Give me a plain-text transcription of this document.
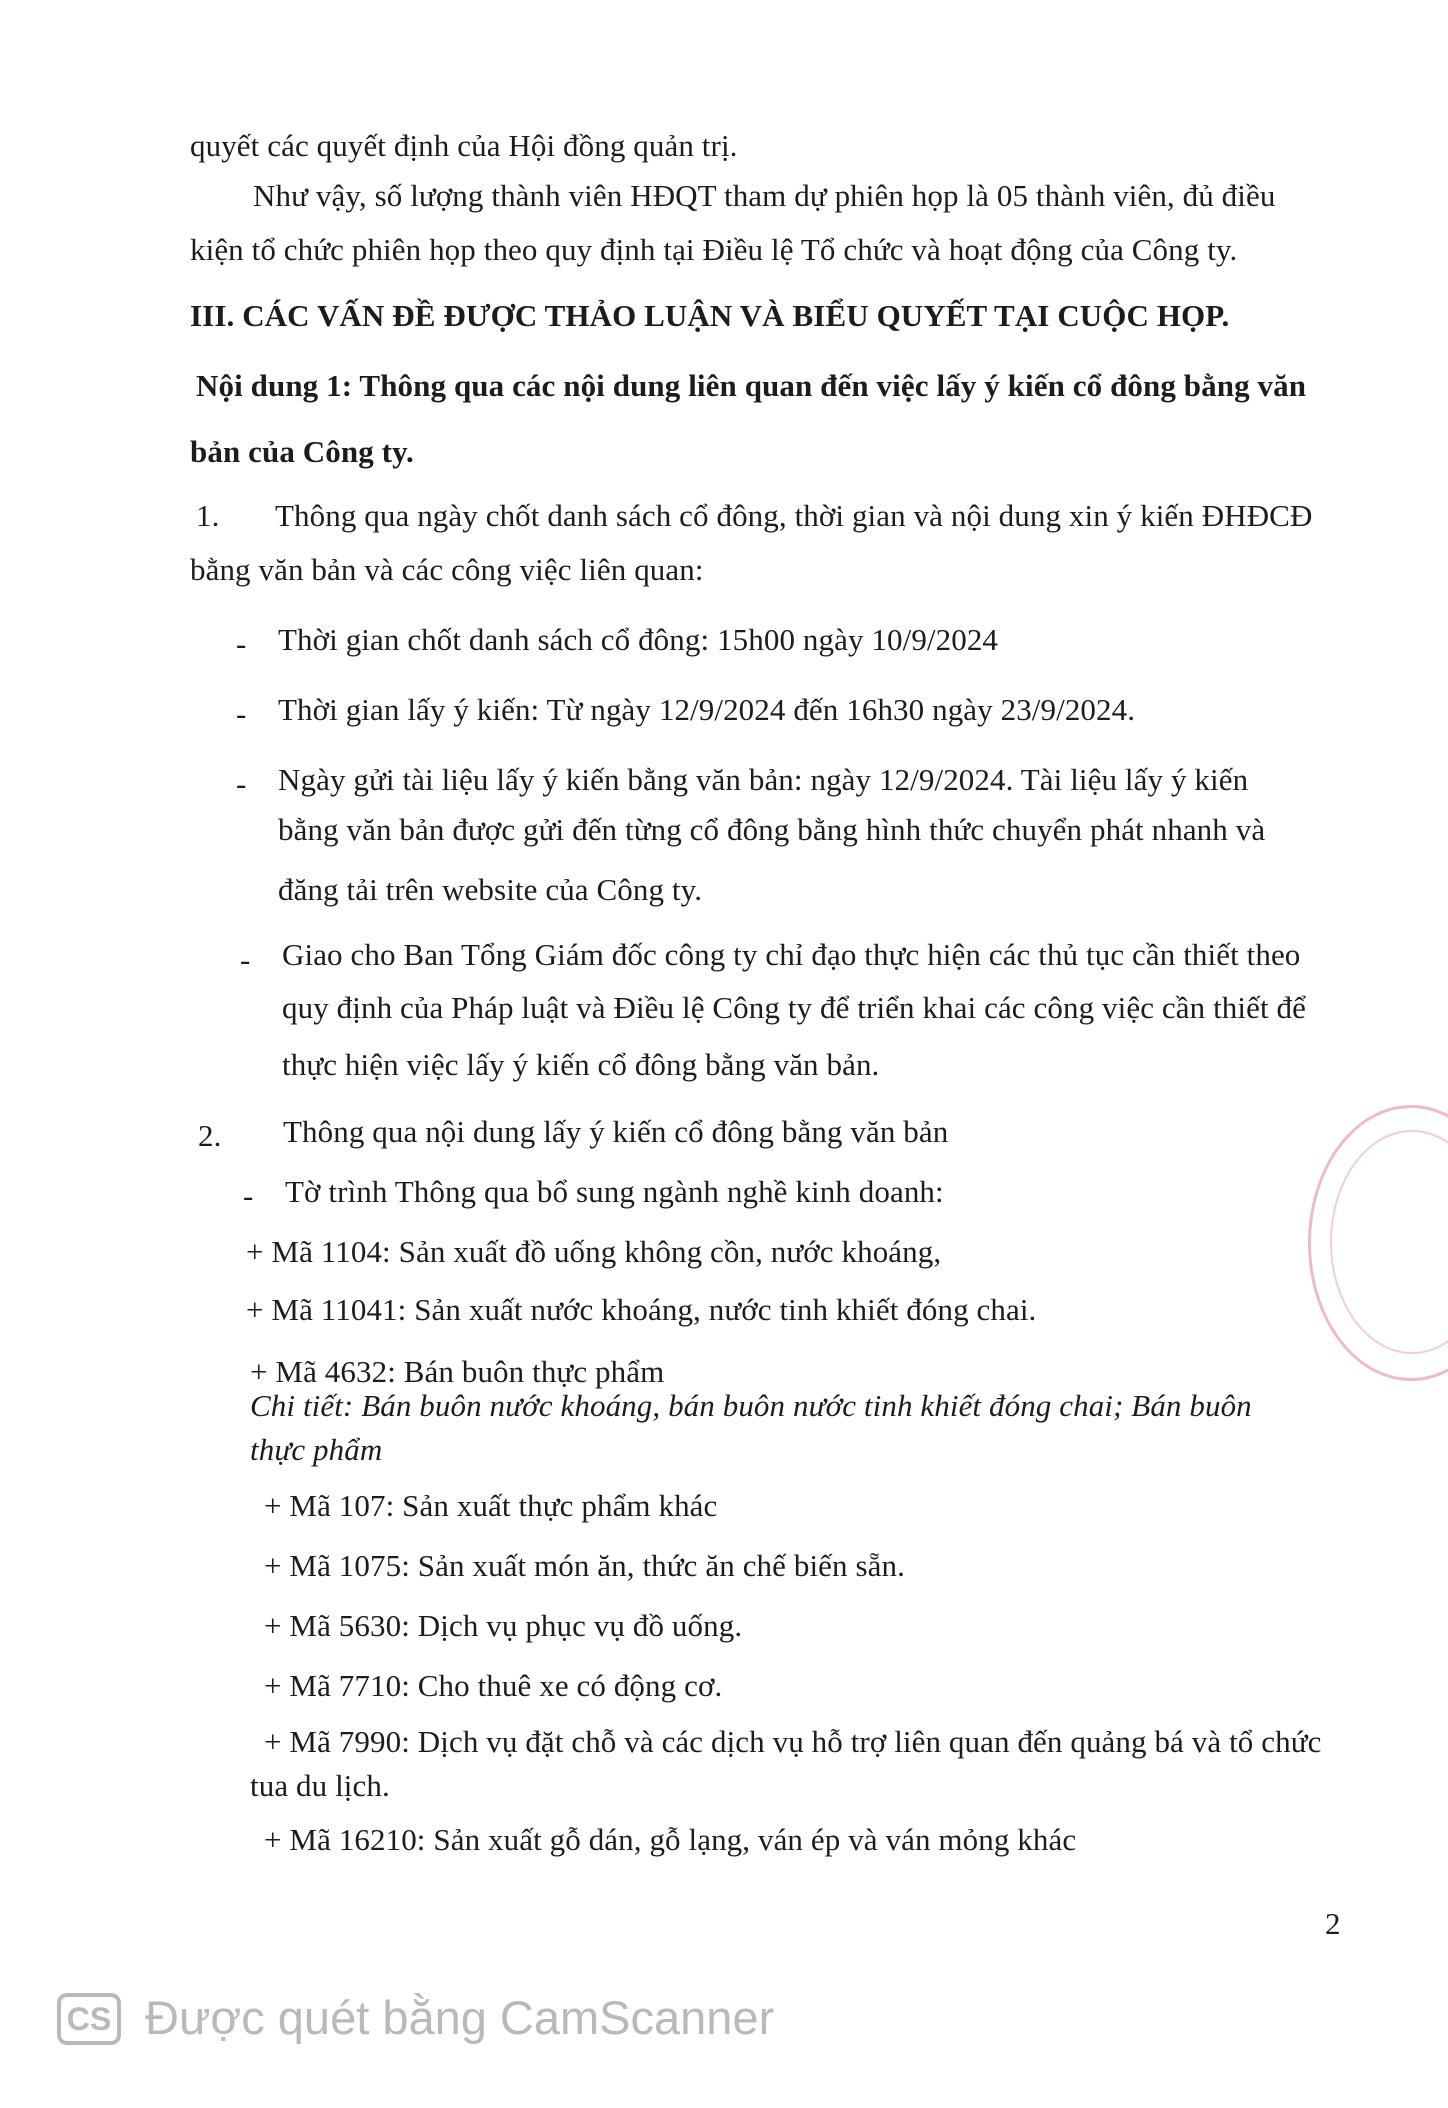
quyết các quyết định của Hội đồng quản trị.
Như vậy, số lượng thành viên HĐQT tham dự phiên họp là 05 thành viên, đủ điều
kiện tổ chức phiên họp theo quy định tại Điều lệ Tổ chức và hoạt động của Công ty.
III. CÁC VẤN ĐỀ ĐƯỢC THẢO LUẬN VÀ BIỂU QUYẾT TẠI CUỘC HỌP.
Nội dung 1: Thông qua các nội dung liên quan đến việc lấy ý kiến cổ đông bằng văn
bản của Công ty.
1. Thông qua ngày chốt danh sách cổ đông, thời gian và nội dung xin ý kiến ĐHĐCĐ
bằng văn bản và các công việc liên quan:
- Thời gian chốt danh sách cổ đông: 15h00 ngày 10/9/2024
- Thời gian lấy ý kiến: Từ ngày 12/9/2024 đến 16h30 ngày 23/9/2024.
- Ngày gửi tài liệu lấy ý kiến bằng văn bản: ngày 12/9/2024. Tài liệu lấy ý kiến
bằng văn bản được gửi đến từng cổ đông bằng hình thức chuyển phát nhanh và
đăng tải trên website của Công ty.
- Giao cho Ban Tổng Giám đốc công ty chỉ đạo thực hiện các thủ tục cần thiết theo
quy định của Pháp luật và Điều lệ Công ty để triển khai các công việc cần thiết để
thực hiện việc lấy ý kiến cổ đông bằng văn bản.
2. Thông qua nội dung lấy ý kiến cổ đông bằng văn bản
- Tờ trình Thông qua bổ sung ngành nghề kinh doanh:
+ Mã 1104: Sản xuất đồ uống không cồn, nước khoáng,
+ Mã 11041: Sản xuất nước khoáng, nước tinh khiết đóng chai.
+ Mã 4632: Bán buôn thực phẩm
Chi tiết: Bán buôn nước khoáng, bán buôn nước tinh khiết đóng chai; Bán buôn thực phẩm
+ Mã 107: Sản xuất thực phẩm khác
+ Mã 1075: Sản xuất món ăn, thức ăn chế biến sẵn.
+ Mã 5630: Dịch vụ phục vụ đồ uống.
+ Mã 7710: Cho thuê xe có động cơ.
+ Mã 7990: Dịch vụ đặt chỗ và các dịch vụ hỗ trợ liên quan đến quảng bá và tổ chức
tua du lịch.
+ Mã 16210: Sản xuất gỗ dán, gỗ lạng, ván ép và ván mỏng khác
2
CS Được quét bằng CamScanner
